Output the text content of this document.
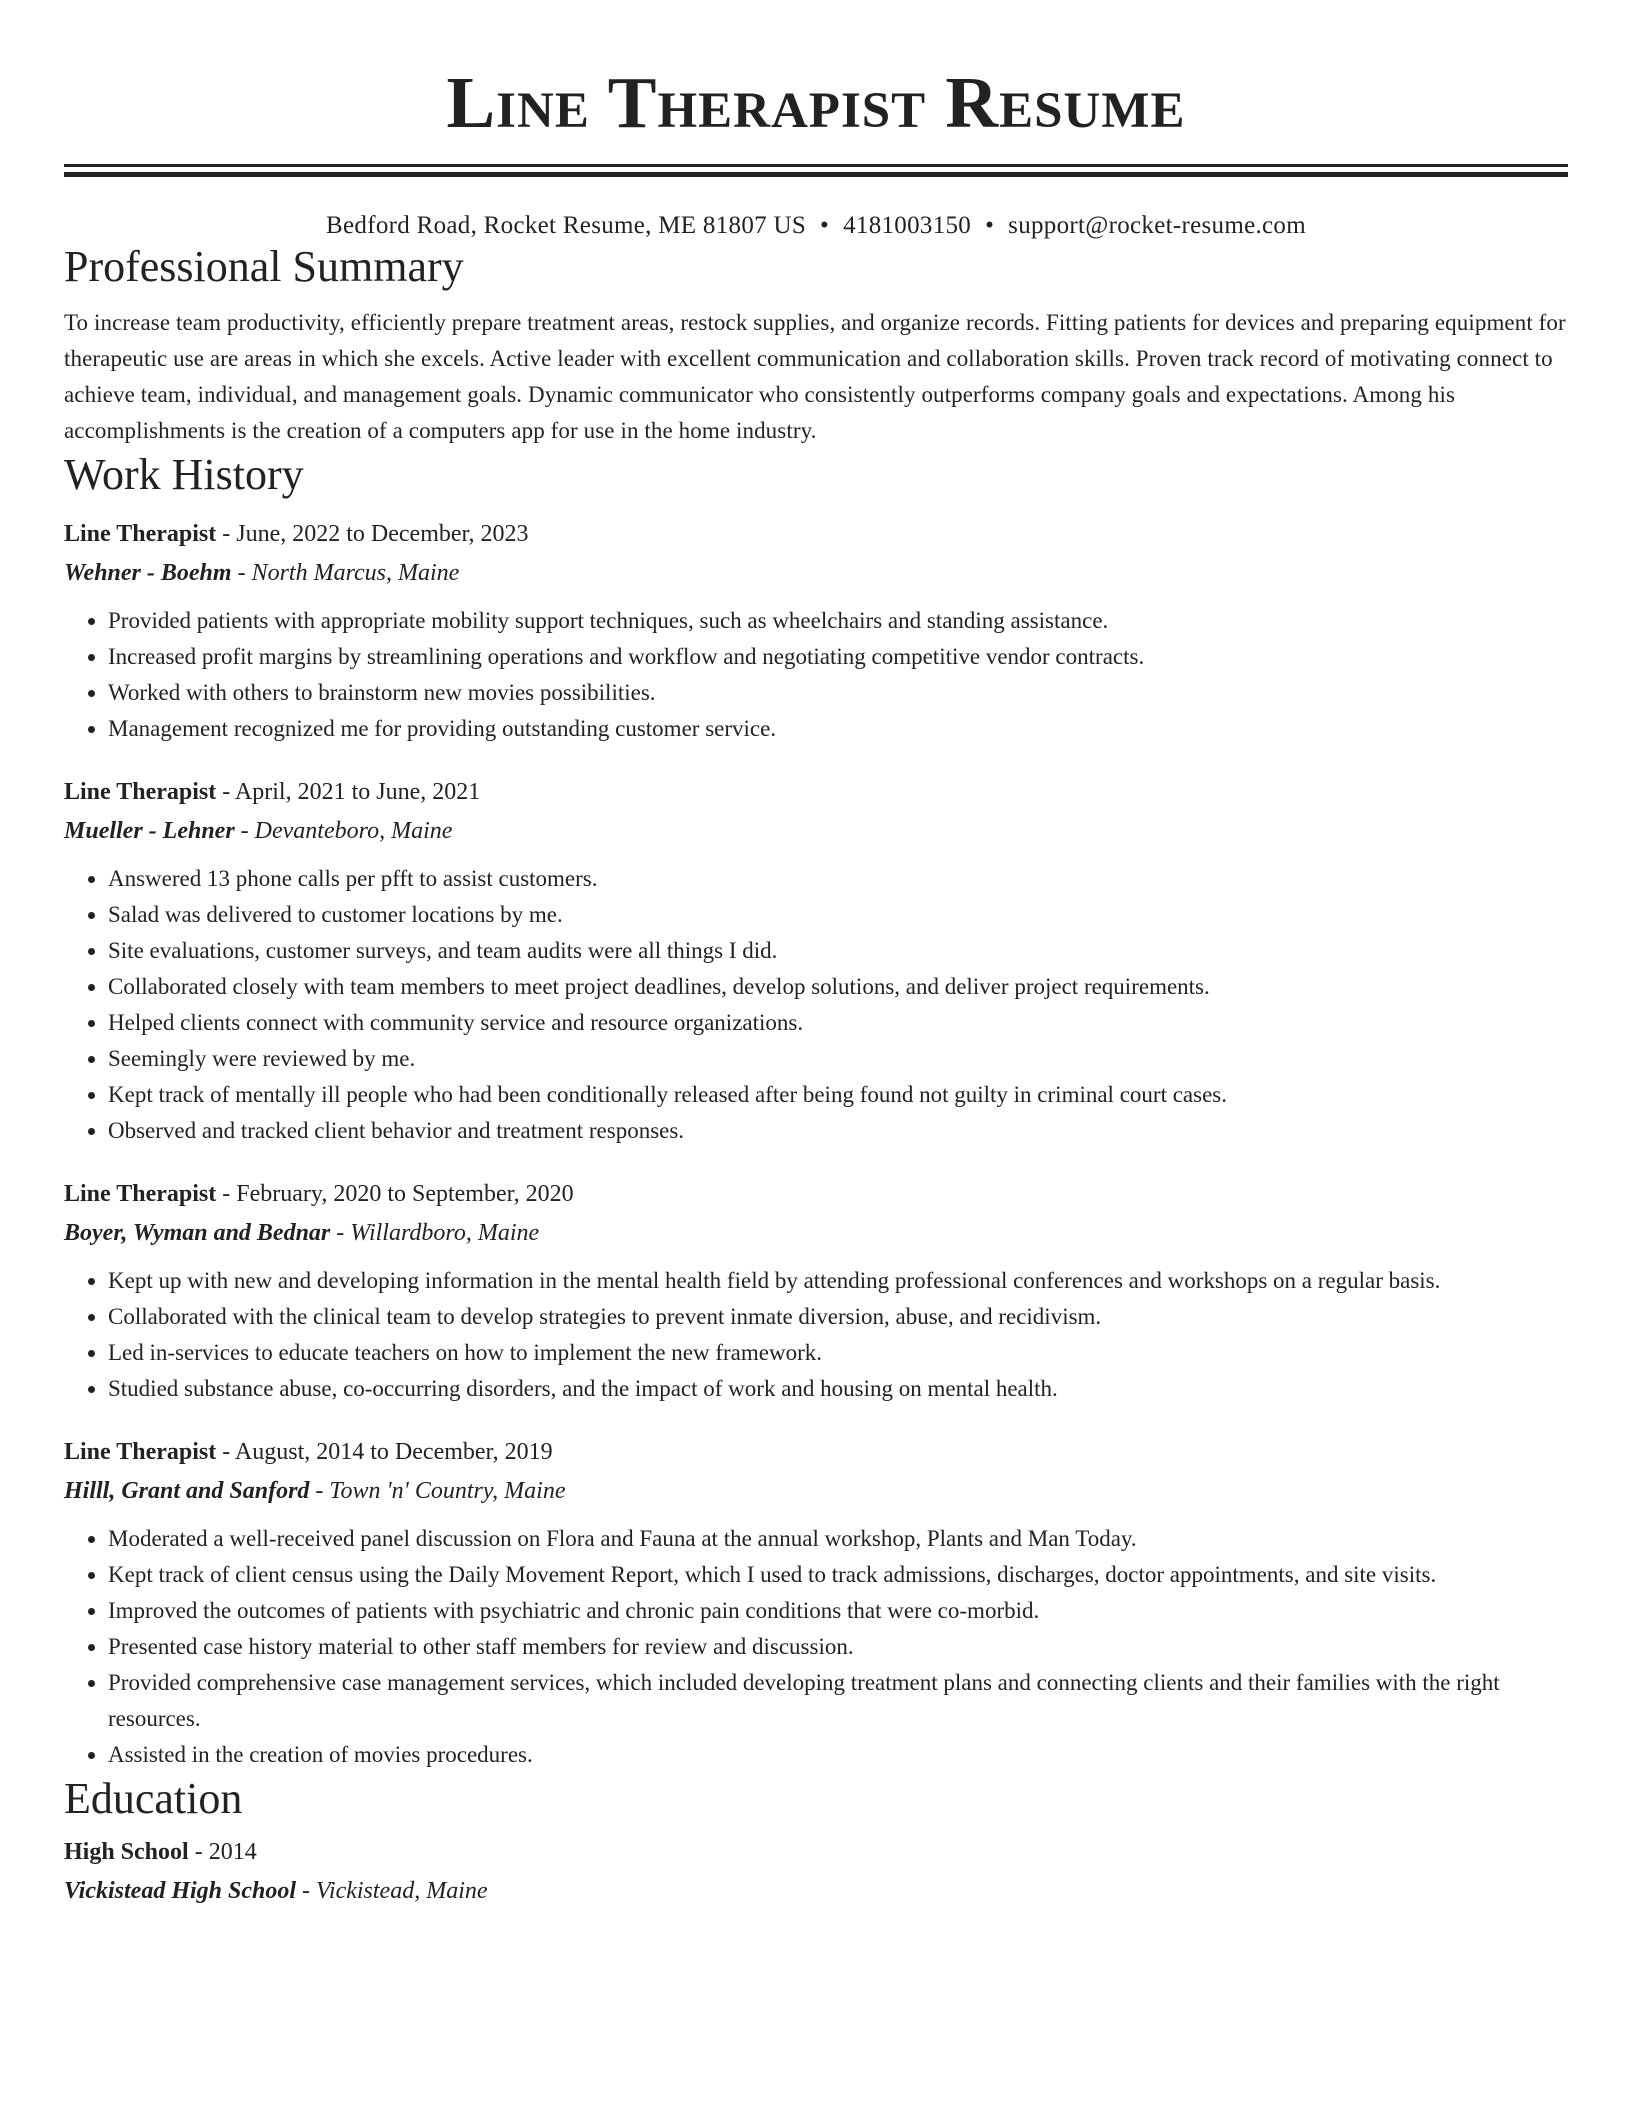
Line Therapist Resume
Bedford Road, Rocket Resume, ME 81807 US • 4181003150 • support@rocket-resume.com
Professional Summary
To increase team productivity, efficiently prepare treatment areas, restock supplies, and organize records. Fitting patients for devices and preparing equipment for therapeutic use are areas in which she excels. Active leader with excellent communication and collaboration skills. Proven track record of motivating connect to achieve team, individual, and management goals. Dynamic communicator who consistently outperforms company goals and expectations. Among his accomplishments is the creation of a computers app for use in the home industry.
Work History
Line Therapist - June, 2022 to December, 2023
Wehner - Boehm - North Marcus, Maine
• Provided patients with appropriate mobility support techniques, such as wheelchairs and standing assistance.
• Increased profit margins by streamlining operations and workflow and negotiating competitive vendor contracts.
• Worked with others to brainstorm new movies possibilities.
• Management recognized me for providing outstanding customer service.
Line Therapist - April, 2021 to June, 2021
Mueller - Lehner - Devanteboro, Maine
• Answered 13 phone calls per pfft to assist customers.
• Salad was delivered to customer locations by me.
• Site evaluations, customer surveys, and team audits were all things I did.
• Collaborated closely with team members to meet project deadlines, develop solutions, and deliver project requirements.
• Helped clients connect with community service and resource organizations.
• Seemingly were reviewed by me.
• Kept track of mentally ill people who had been conditionally released after being found not guilty in criminal court cases.
• Observed and tracked client behavior and treatment responses.
Line Therapist - February, 2020 to September, 2020
Boyer, Wyman and Bednar - Willardboro, Maine
• Kept up with new and developing information in the mental health field by attending professional conferences and workshops on a regular basis.
• Collaborated with the clinical team to develop strategies to prevent inmate diversion, abuse, and recidivism.
• Led in-services to educate teachers on how to implement the new framework.
• Studied substance abuse, co-occurring disorders, and the impact of work and housing on mental health.
Line Therapist - August, 2014 to December, 2019
Hilll, Grant and Sanford - Town 'n' Country, Maine
• Moderated a well-received panel discussion on Flora and Fauna at the annual workshop, Plants and Man Today.
• Kept track of client census using the Daily Movement Report, which I used to track admissions, discharges, doctor appointments, and site visits.
• Improved the outcomes of patients with psychiatric and chronic pain conditions that were co-morbid.
• Presented case history material to other staff members for review and discussion.
• Provided comprehensive case management services, which included developing treatment plans and connecting clients and their families with the right resources.
• Assisted in the creation of movies procedures.
Education
High School - 2014
Vickistead High School - Vickistead, Maine
